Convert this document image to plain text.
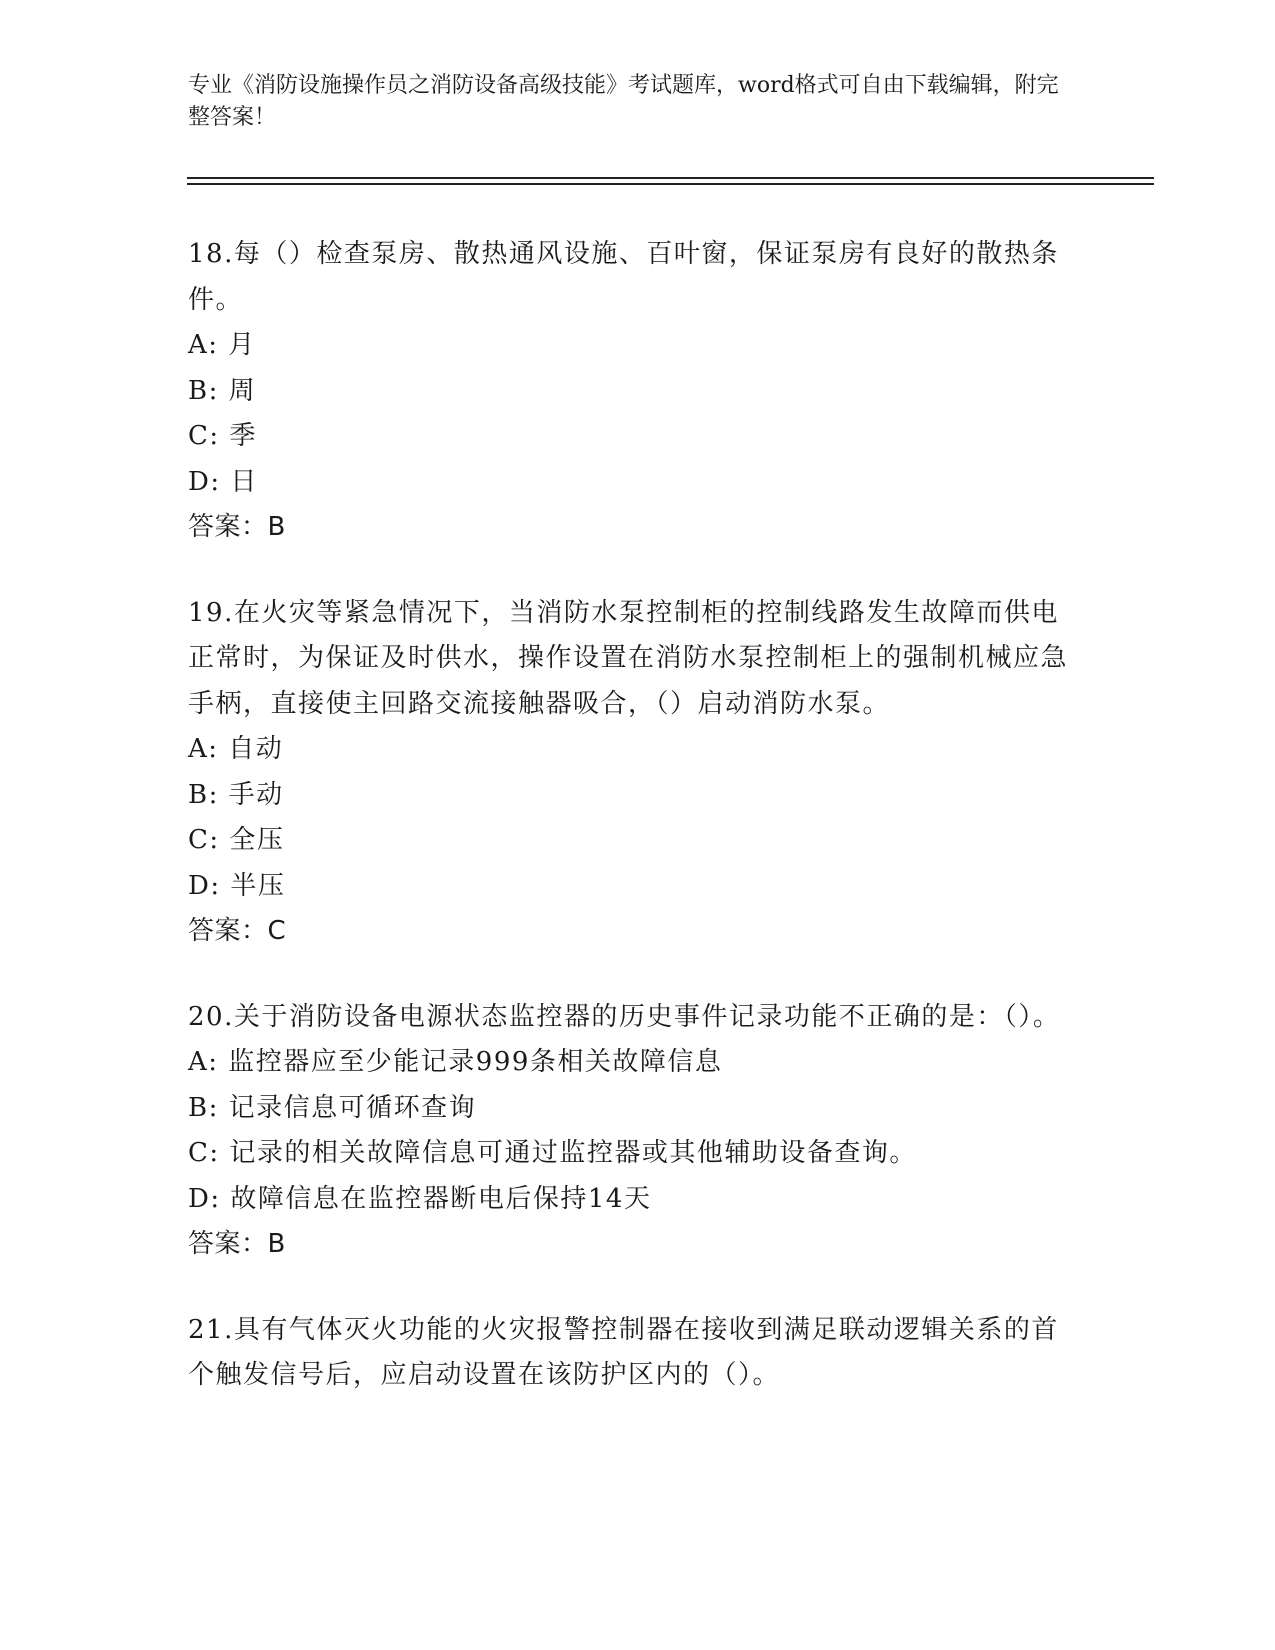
专业《消防设施操作员之消防设备高级技能》考试题库，word格式可自由下载编辑，附完整答案！

18.每（）检查泵房、散热通风设施、百叶窗，保证泵房有良好的散热条件。

A: 月

B: 周

C: 季

D: 日

答案：B

19.在火灾等紧急情况下，当消防水泵控制柜的控制线路发生故障而供电正常时，为保证及时供水，操作设置在消防水泵控制柜上的强制机械应急手柄，直接使主回路交流接触器吸合，（）启动消防水泵。

A: 自动

B: 手动

C: 全压

D: 半压

答案：C

20.关于消防设备电源状态监控器的历史事件记录功能不正确的是：（）。

A: 监控器应至少能记录999条相关故障信息

B: 记录信息可循环查询

C: 记录的相关故障信息可通过监控器或其他辅助设备查询。

D: 故障信息在监控器断电后保持14天

答案：B

21.具有气体灭火功能的火灾报警控制器在接收到满足联动逻辑关系的首个触发信号后，应启动设置在该防护区内的（）。
